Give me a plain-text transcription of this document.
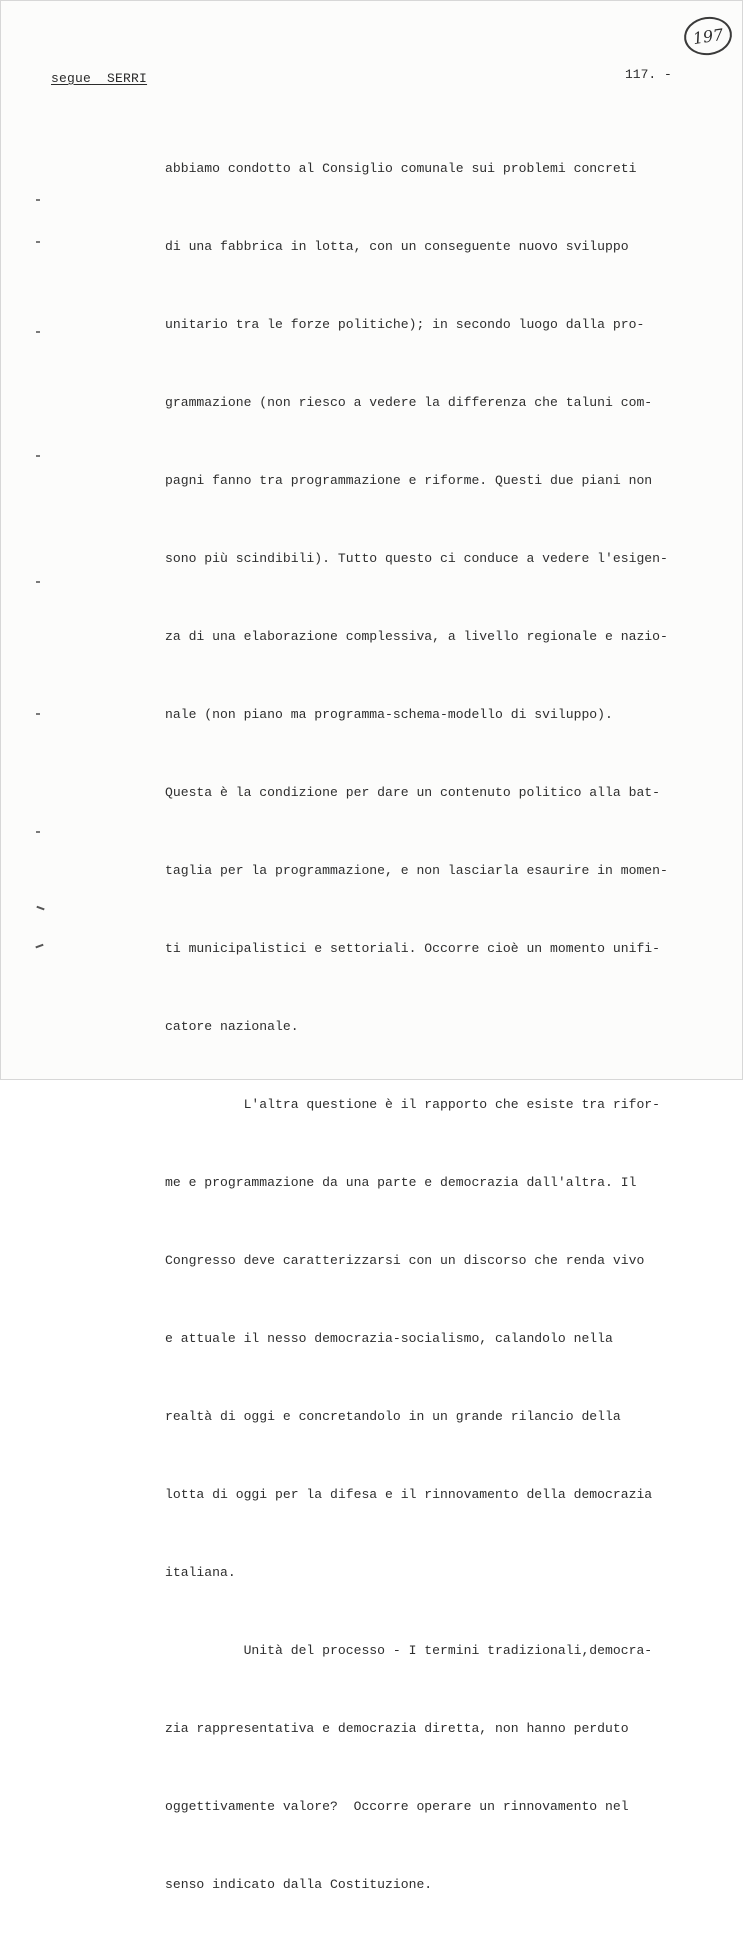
197
segue SERRI	117. -

abbiamo condotto al Consiglio comunale sui problemi concreti

di una fabbrica in lotta, con un conseguente nuovo sviluppo

unitario tra le forze politiche); in secondo luogo dalla pro-

grammazione (non riesco a vedere la differenza che taluni com-

pagni fanno tra programmazione e riforme. Questi due piani non

sono più scindibili). Tutto questo ci conduce a vedere l'esigen-

za di una elaborazione complessiva, a livello regionale e nazio-

nale (non piano ma programma-schema-modello di sviluppo).

Questa è la condizione per dare un contenuto politico alla bat-

taglia per la programmazione, e non lasciarla esaurire in momen-

ti municipalistici e settoriali. Occorre cioè un momento unifi-

catore nazionale.

L'altra questione è il rapporto che esiste tra rifor-

me e programmazione da una parte e democrazia dall'altra. Il

Congresso deve caratterizzarsi con un discorso che renda vivo

e attuale il nesso democrazia-socialismo, calandolo nella

realtà di oggi e concretandolo in un grande rilancio della

lotta di oggi per la difesa e il rinnovamento della democrazia

italiana.

Unità del processo - I termini tradizionali,democra-

zia rappresentativa e democrazia diretta, non hanno perduto

oggettivamente valore?  Occorre operare un rinnovamento nel

senso indicato dalla Costituzione.
